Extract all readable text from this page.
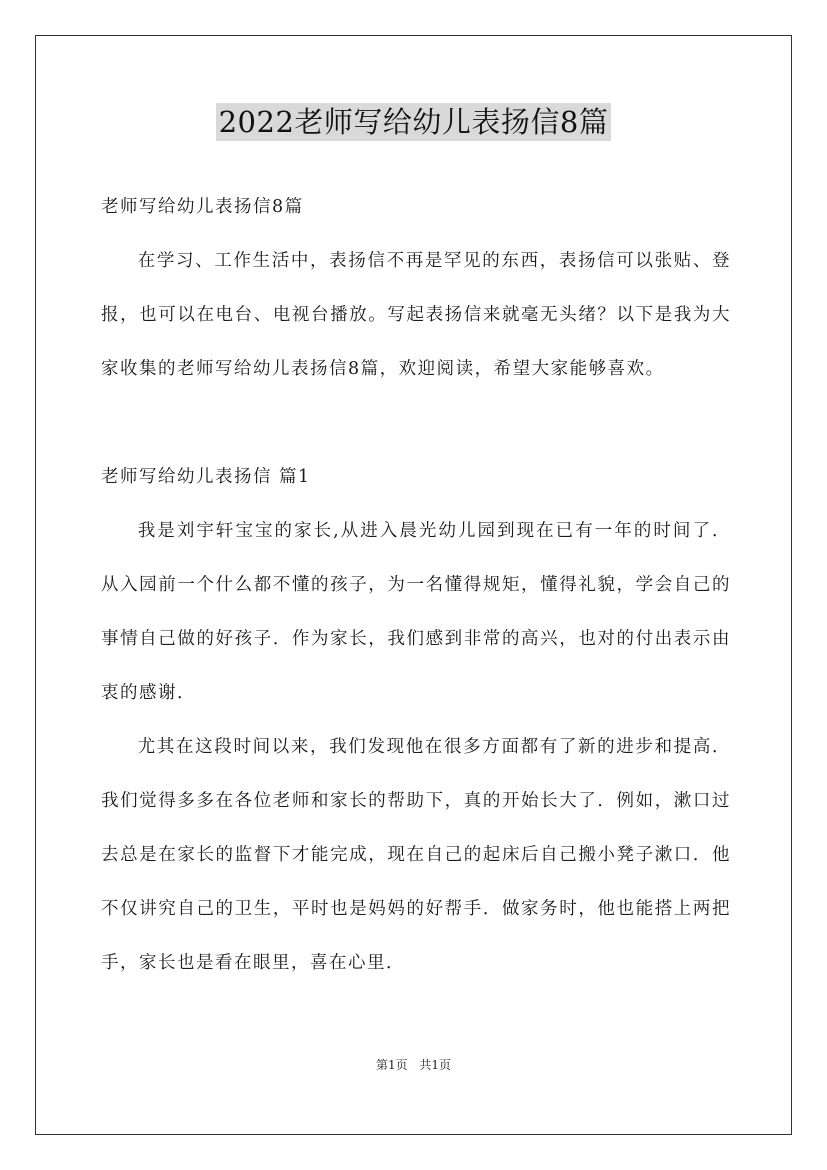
2022老师写给幼儿表扬信8篇

老师写给幼儿表扬信8篇

在学习、工作生活中，表扬信不再是罕见的东西，表扬信可以张贴、登报，也可以在电台、电视台播放。写起表扬信来就毫无头绪？以下是我为大家收集的老师写给幼儿表扬信8篇，欢迎阅读，希望大家能够喜欢。

老师写给幼儿表扬信 篇1

我是刘宇轩宝宝的家长,从进入晨光幼儿园到现在已有一年的时间了．从入园前一个什么都不懂的孩子，为一名懂得规矩，懂得礼貌，学会自己的事情自己做的好孩子．作为家长，我们感到非常的高兴，也对的付出表示由衷的感谢．

尤其在这段时间以来，我们发现他在很多方面都有了新的进步和提高．我们觉得多多在各位老师和家长的帮助下，真的开始长大了．例如，漱口过去总是在家长的监督下才能完成，现在自己的起床后自己搬小凳子漱口．他不仅讲究自己的卫生，平时也是妈妈的好帮手．做家务时，他也能搭上两把手，家长也是看在眼里，喜在心里．

第1页 共1页
